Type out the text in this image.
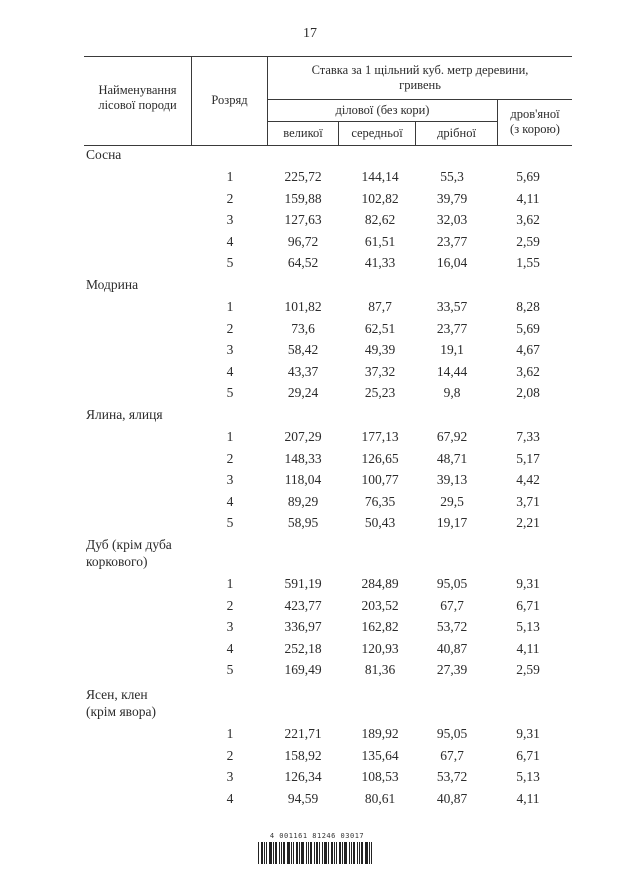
17
Найменування
лісової породи	Розряд
Ставка за 1 щільний куб. метр деревини,
гривень
ділової (без кори)	дров'яної
(з корою)
великої	середньої	дрібної
Сосна
1	225,72	144,14	55,3	5,69
2	159,88	102,82	39,79	4,11
3	127,63	82,62	32,03	3,62
4	96,72	61,51	23,77	2,59
5	64,52	41,33	16,04	1,55
Модрина
1	101,82	87,7	33,57	8,28
2	73,6	62,51	23,77	5,69
3	58,42	49,39	19,1	4,67
4	43,37	37,32	14,44	3,62
5	29,24	25,23	9,8	2,08
Ялина, ялиця
1	207,29	177,13	67,92	7,33
2	148,33	126,65	48,71	5,17
3	118,04	100,77	39,13	4,42
4	89,29	76,35	29,5	3,71
5	58,95	50,43	19,17	2,21
Дуб (крім дуба
коркового)
1	591,19	284,89	95,05	9,31
2	423,77	203,52	67,7	6,71
3	336,97	162,82	53,72	5,13
4	252,18	120,93	40,87	4,11
5	169,49	81,36	27,39	2,59
Ясен, клен
(крім явора)
1	221,71	189,92	95,05	9,31
2	158,92	135,64	67,7	6,71
3	126,34	108,53	53,72	5,13
4	94,59	80,61	40,87	4,11
4 001161 81246 03017
